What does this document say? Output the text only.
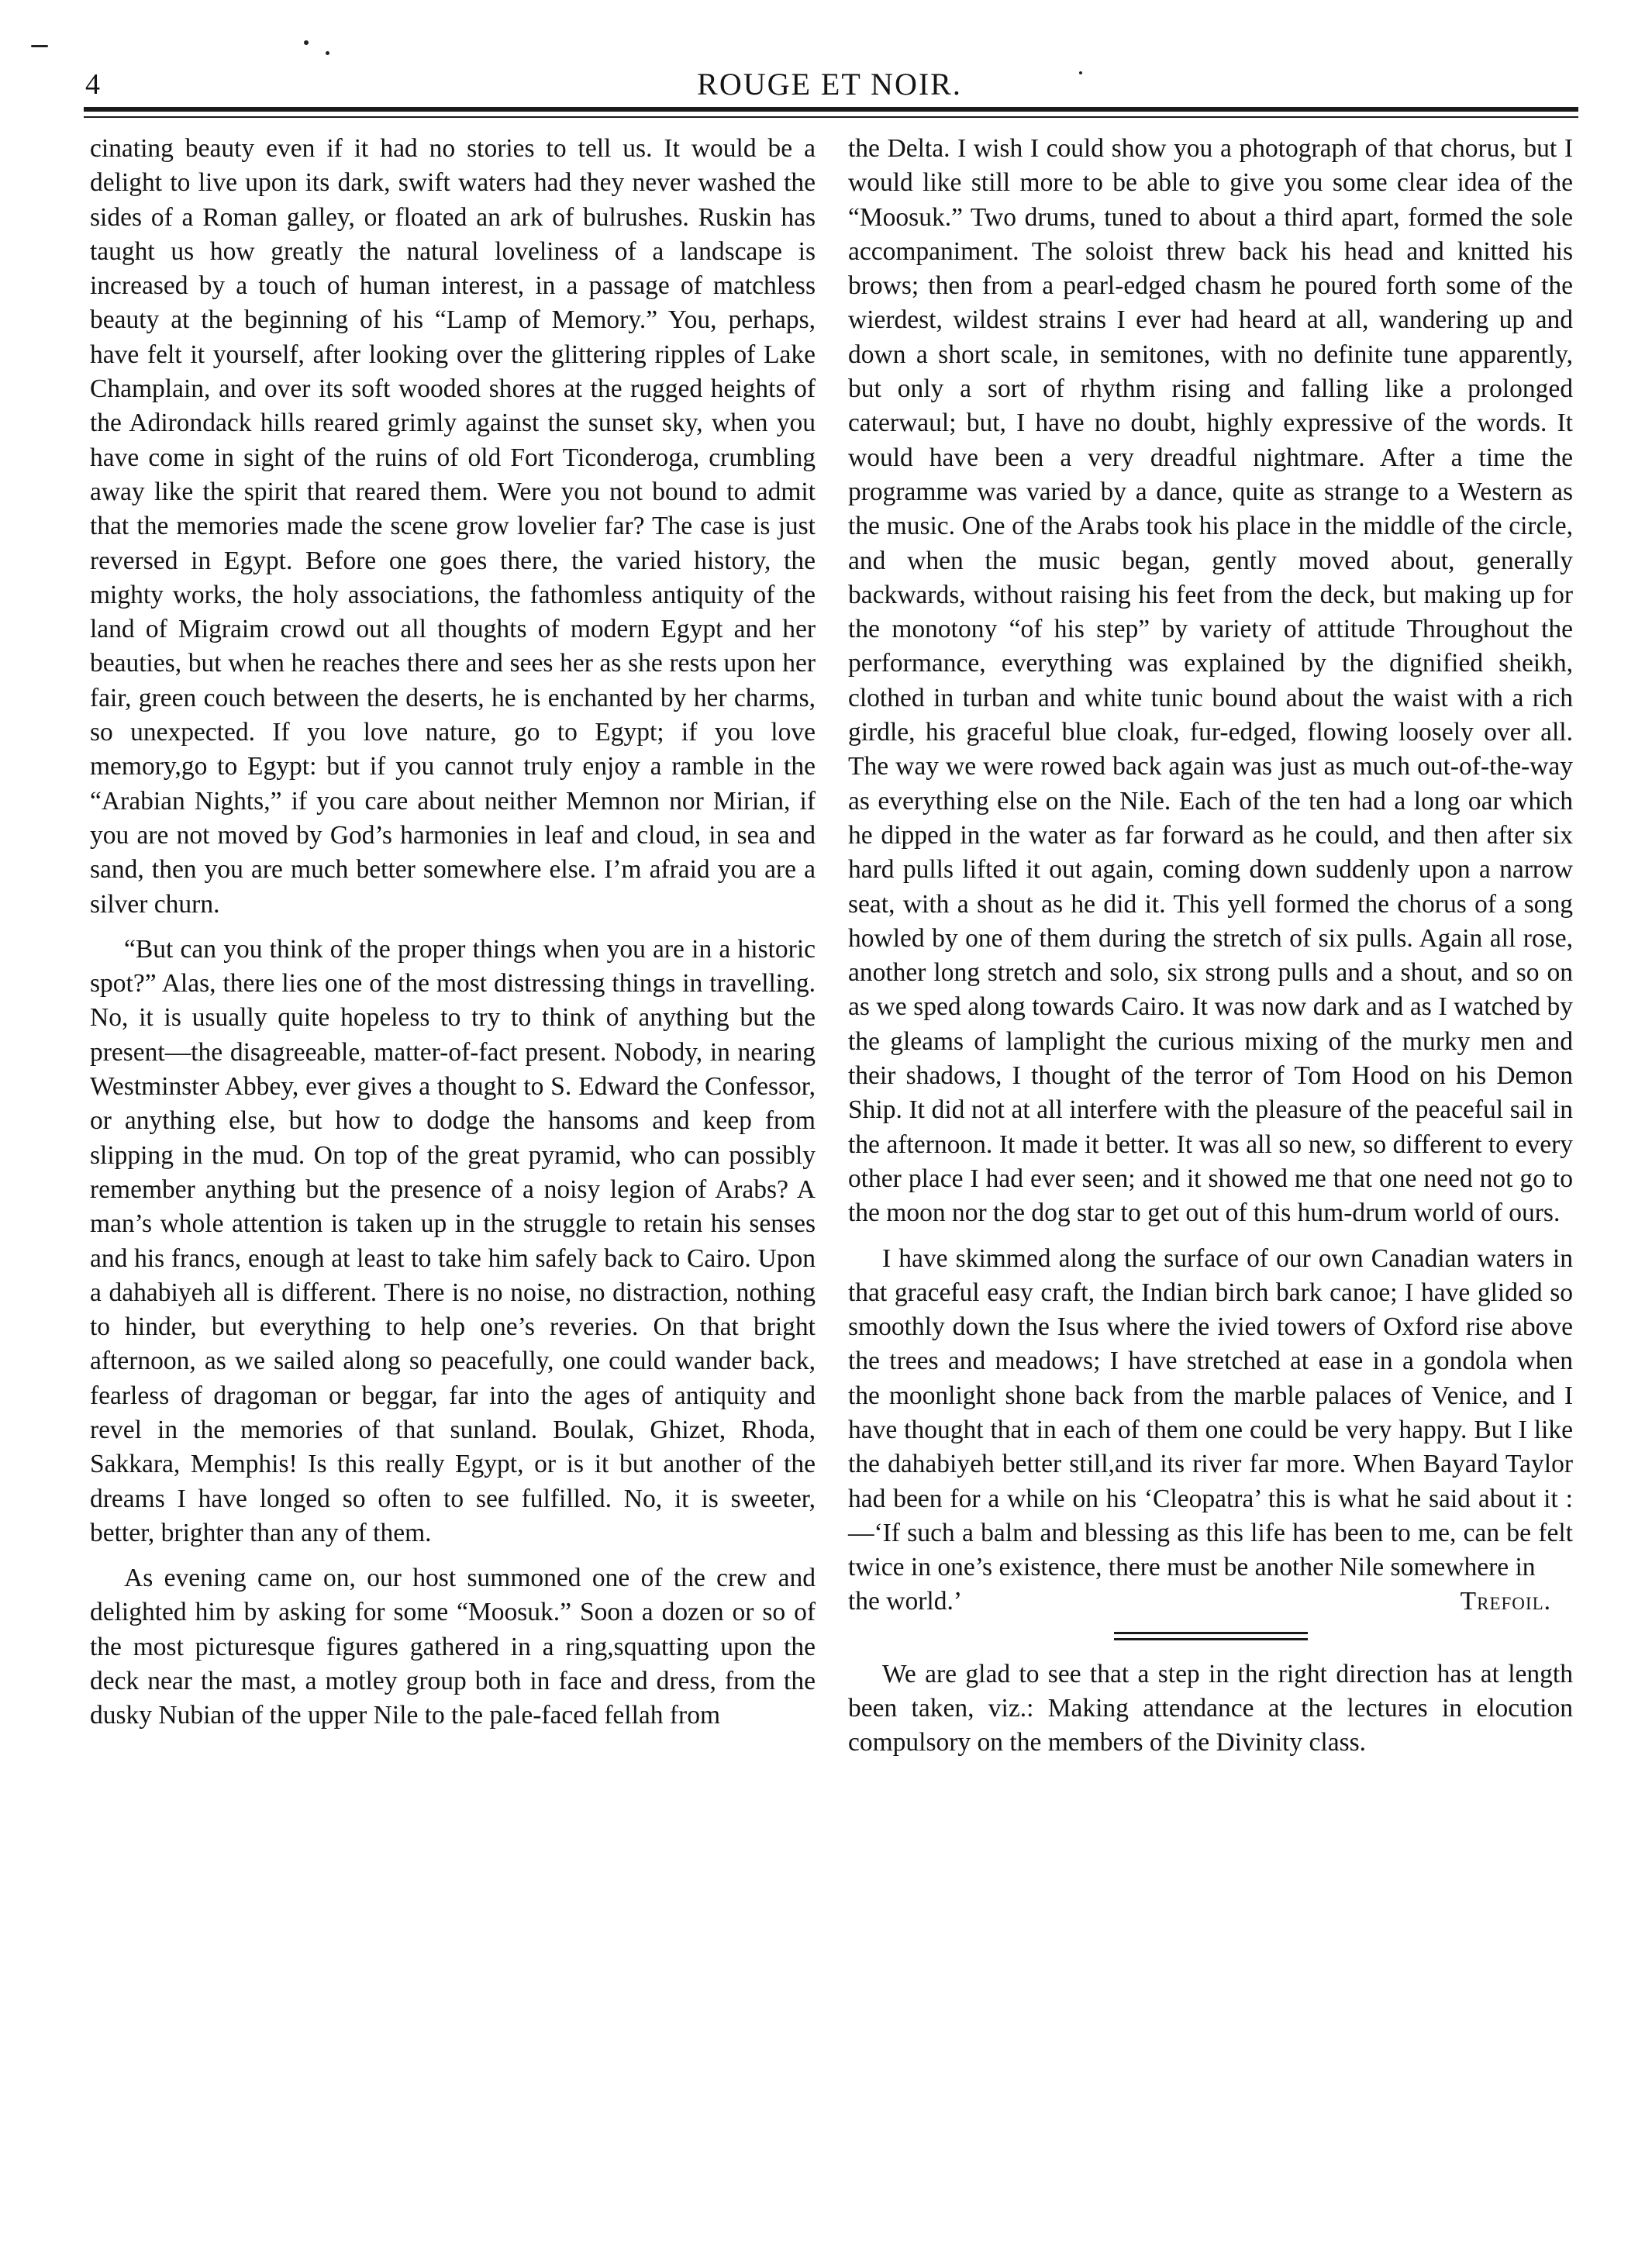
4	ROUGE ET NOIR.

cinating beauty even if it had no stories to tell us. It would be a delight to live upon its dark, swift waters had they never washed the sides of a Roman galley, or floated an ark of bulrushes. Ruskin has taught us how greatly the natural loveliness of a landscape is increased by a touch of human interest, in a passage of matchless beauty at the beginning of his “Lamp of Memory.” You, perhaps, have felt it yourself, after looking over the glittering ripples of Lake Champlain, and over its soft wooded shores at the rugged heights of the Adirondack hills reared grimly against the sunset sky, when you have come in sight of the ruins of old Fort Ticonderoga, crumbling away like the spirit that reared them. Were you not bound to admit that the memories made the scene grow lovelier far? The case is just reversed in Egypt. Before one goes there, the varied history, the mighty works, the holy associations, the fathomless antiquity of the land of Migraim crowd out all thoughts of modern Egypt and her beauties, but when he reaches there and sees her as she rests upon her fair, green couch between the deserts, he is enchanted by her charms, so unexpected. If you love nature, go to Egypt; if you love memory,go to Egypt: but if you cannot truly enjoy a ramble in the “Arabian Nights,” if you care about neither Memnon nor Mirian, if you are not moved by God’s harmonies in leaf and cloud, in sea and sand, then you are much better somewhere else. I’m afraid you are a silver churn.

“But can you think of the proper things when you are in a historic spot?” Alas, there lies one of the most distressing things in travelling. No, it is usually quite hopeless to try to think of anything but the present—the disagreeable, matter-of-fact present. Nobody, in nearing Westminster Abbey, ever gives a thought to S. Edward the Confessor, or anything else, but how to dodge the hansoms and keep from slipping in the mud. On top of the great pyramid, who can possibly remember anything but the presence of a noisy legion of Arabs? A man’s whole attention is taken up in the struggle to retain his senses and his francs, enough at least to take him safely back to Cairo. Upon a dahabiyeh all is different. There is no noise, no distraction, nothing to hinder, but everything to help one’s reveries. On that bright afternoon, as we sailed along so peacefully, one could wander back, fearless of dragoman or beggar, far into the ages of antiquity and revel in the memories of that sunland. Boulak, Ghizet, Rhoda, Sakkara, Memphis! Is this really Egypt, or is it but another of the dreams I have longed so often to see fulfilled. No, it is sweeter, better, brighter than any of them.

As evening came on, our host summoned one of the crew and delighted him by asking for some “Moosuk.” Soon a dozen or so of the most picturesque figures gathered in a ring,squatting upon the deck near the mast, a motley group both in face and dress, from the dusky Nubian of the upper Nile to the pale-faced fellah from

the Delta. I wish I could show you a photograph of that chorus, but I would like still more to be able to give you some clear idea of the “Moosuk.” Two drums, tuned to about a third apart, formed the sole accompaniment. The soloist threw back his head and knitted his brows; then from a pearl-edged chasm he poured forth some of the wierdest, wildest strains I ever had heard at all, wandering up and down a short scale, in semitones, with no definite tune apparently, but only a sort of rhythm rising and falling like a prolonged caterwaul; but, I have no doubt, highly expressive of the words. It would have been a very dreadful nightmare. After a time the programme was varied by a dance, quite as strange to a Western as the music. One of the Arabs took his place in the middle of the circle, and when the music began, gently moved about, generally backwards, without raising his feet from the deck, but making up for the monotony “of his step” by variety of attitude Throughout the performance, everything was explained by the dignified sheikh, clothed in turban and white tunic bound about the waist with a rich girdle, his graceful blue cloak, fur-edged, flowing loosely over all. The way we were rowed back again was just as much out-of-the-way as everything else on the Nile. Each of the ten had a long oar which he dipped in the water as far forward as he could, and then after six hard pulls lifted it out again, coming down suddenly upon a narrow seat, with a shout as he did it. This yell formed the chorus of a song howled by one of them during the stretch of six pulls. Again all rose, another long stretch and solo, six strong pulls and a shout, and so on as we sped along towards Cairo. It was now dark and as I watched by the gleams of lamplight the curious mixing of the murky men and their shadows, I thought of the terror of Tom Hood on his Demon Ship. It did not at all interfere with the pleasure of the peaceful sail in the afternoon. It made it better. It was all so new, so different to every other place I had ever seen; and it showed me that one need not go to the moon nor the dog star to get out of this hum-drum world of ours.

I have skimmed along the surface of our own Canadian waters in that graceful easy craft, the Indian birch bark canoe; I have glided so smoothly down the Isus where the ivied towers of Oxford rise above the trees and meadows; I have stretched at ease in a gondola when the moonlight shone back from the marble palaces of Venice, and I have thought that in each of them one could be very happy. But I like the dahabiyeh better still,and its river far more. When Bayard Taylor had been for a while on his ‘Cleopatra’ this is what he said about it :—‘If such a balm and blessing as this life has been to me, can be felt twice in one’s existence, there must be another Nile somewhere in

the world.’	Trefoil.

We are glad to see that a step in the right direction has at length been taken, viz.: Making attendance at the lectures in elocution compulsory on the members of the Divinity class.
